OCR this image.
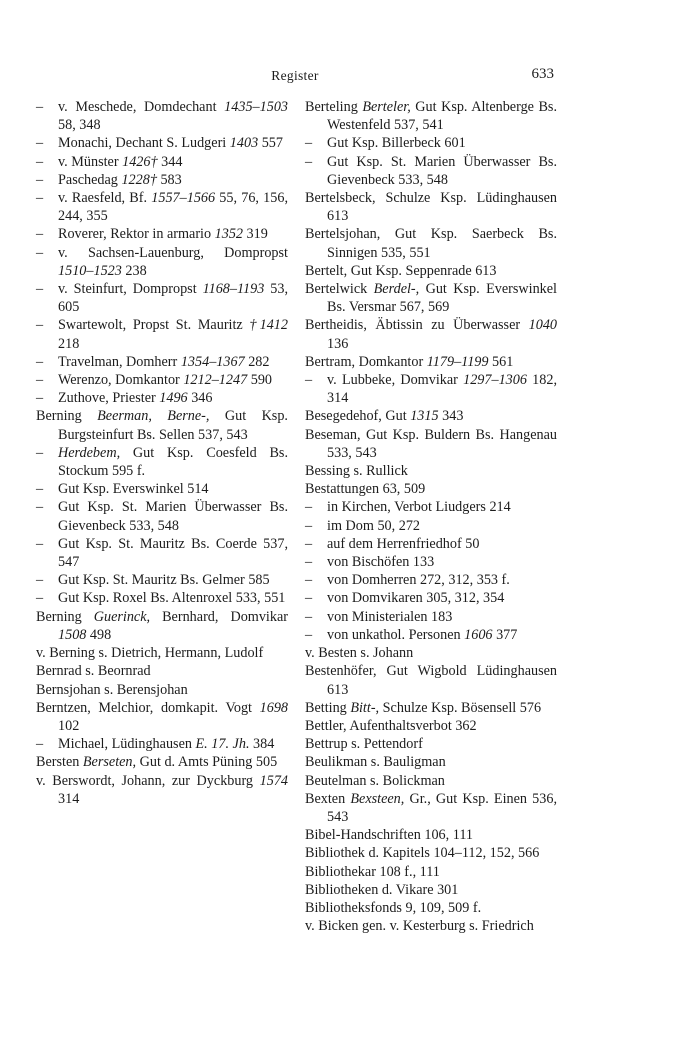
Register	633

– v. Meschede, Domdechant 1435–1503 58, 348

– Monachi, Dechant S. Ludgeri 1403 557

– v. Münster 1426† 344

– Paschedag 1228† 583

– v. Raesfeld, Bf. 1557–1566 55, 76, 156, 244, 355

– Roverer, Rektor in armario 1352 319

– v. Sachsen-Lauenburg, Dompropst 1510–1523 238

– v. Steinfurt, Dompropst 1168–1193 53, 605

– Swartewolt, Propst St. Mauritz †1412 218

– Travelman, Domherr 1354–1367 282

– Werenzo, Domkantor 1212–1247 590

– Zuthove, Priester 1496 346

Berning Beerman, Berne-, Gut Ksp. Burgsteinfurt Bs. Sellen 537, 543

– Herdebem, Gut Ksp. Coesfeld Bs. Stockum 595 f.

– Gut Ksp. Everswinkel 514

– Gut Ksp. St. Marien Überwasser Bs. Gievenbeck 533, 548

– Gut Ksp. St. Mauritz Bs. Coerde 537, 547

– Gut Ksp. St. Mauritz Bs. Gelmer 585

– Gut Ksp. Roxel Bs. Altenroxel 533, 551

Berning Guerinck, Bernhard, Domvikar 1508 498

v. Berning s. Dietrich, Hermann, Ludolf

Bernrad s. Beornrad

Bernsjohan s. Berensjohan

Berntzen, Melchior, domkapit. Vogt 1698 102

– Michael, Lüdinghausen E. 17. Jh. 384

Bersten Berseten, Gut d. Amts Püning 505

v. Berswordt, Johann, zur Dyckburg 1574 314

Berteling Berteler, Gut Ksp. Altenberge Bs. Westenfeld 537, 541

– Gut Ksp. Billerbeck 601

– Gut Ksp. St. Marien Überwasser Bs. Gievenbeck 533, 548

Bertelsbeck, Schulze Ksp. Lüdinghausen 613

Bertelsjohan, Gut Ksp. Saerbeck Bs. Sinnigen 535, 551

Bertelt, Gut Ksp. Seppenrade 613

Bertelwick Berdel-, Gut Ksp. Everswinkel Bs. Versmar 567, 569

Bertheidis, Äbtissin zu Überwasser 1040 136

Bertram, Domkantor 1179–1199 561

– v. Lubbeke, Domvikar 1297–1306 182, 314

Besegedehof, Gut 1315 343

Beseman, Gut Ksp. Buldern Bs. Hangenau 533, 543

Bessing s. Rullick

Bestattungen 63, 509

– in Kirchen, Verbot Liudgers 214

– im Dom 50, 272

– auf dem Herrenfriedhof 50

– von Bischöfen 133

– von Domherren 272, 312, 353 f.

– von Domvikaren 305, 312, 354

– von Ministerialen 183

– von unkathol. Personen 1606 377

v. Besten s. Johann

Bestenhöfer, Gut Wigbold Lüdinghausen 613

Betting Bitt-, Schulze Ksp. Bösensell 576

Bettler, Aufenthaltsverbot 362

Bettrup s. Pettendorf

Beulikman s. Bauligman

Beutelman s. Bolickman

Bexten Bexsteen, Gr., Gut Ksp. Einen 536, 543

Bibel-Handschriften 106, 111

Bibliothek d. Kapitels 104–112, 152, 566

Bibliothekar 108 f., 111

Bibliotheken d. Vikare 301

Bibliotheksfonds 9, 109, 509 f.

v. Bicken gen. v. Kesterburg s. Friedrich
